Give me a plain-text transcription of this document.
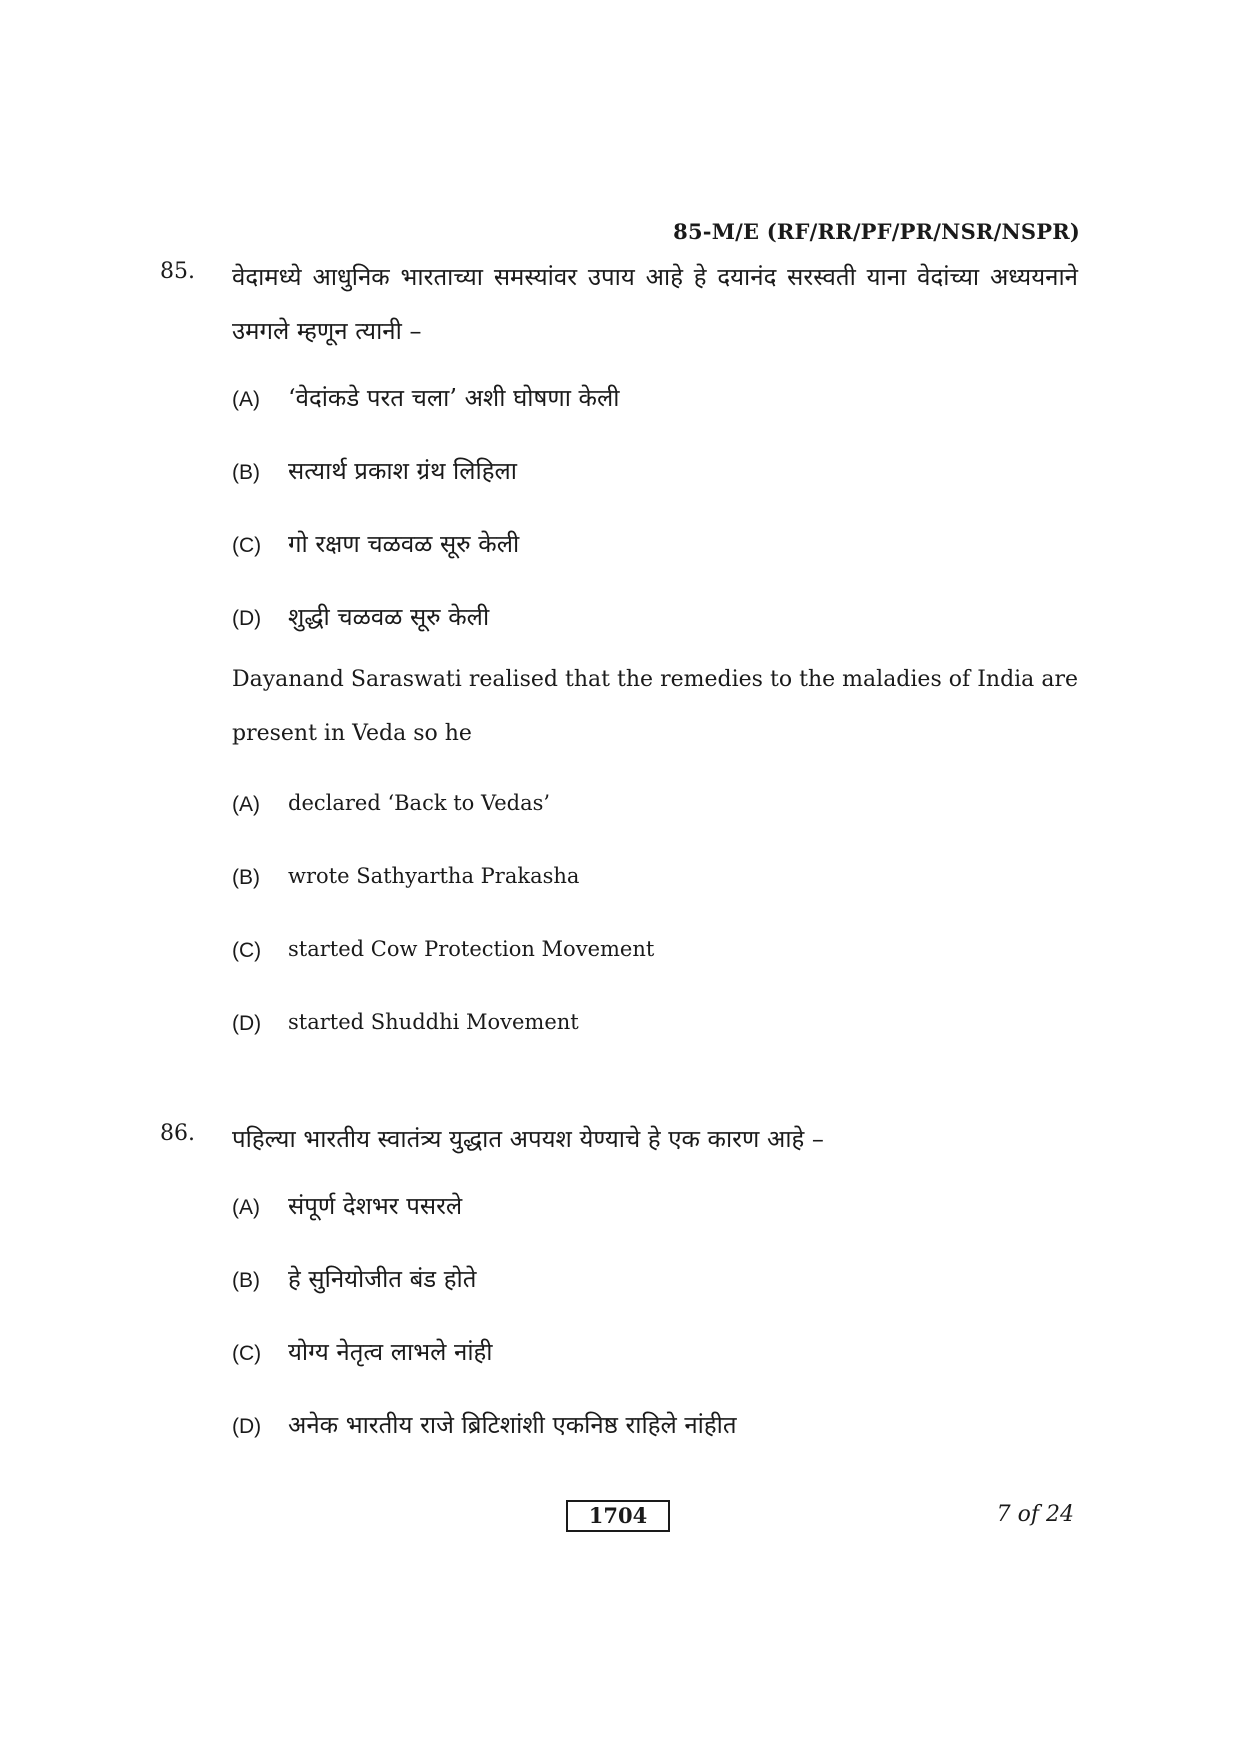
85-M/E (RF/RR/PF/PR/NSR/NSPR)
85. वेदामध्ये आधुनिक भारताच्या समस्यांवर उपाय आहे हे दयानंद सरस्वती याना वेदांच्या अध्ययनाने उमगले म्हणून त्यानी –
(A)	‘वेदांकडे परत चला’ अशी घोषणा केली
(B)	सत्यार्थ प्रकाश ग्रंथ लिहिला
(C)	गो रक्षण चळवळ सूरु केली
(D)	शुद्धी चळवळ सूरु केली
Dayanand Saraswati realised that the remedies to the maladies of India are present in Veda so he
(A)	declared ‘Back to Vedas’
(B)	wrote Sathyartha Prakasha
(C)	started Cow Protection Movement
(D)	started Shuddhi Movement
86. पहिल्या भारतीय स्वातंत्र्य युद्धात अपयश येण्याचे हे एक कारण आहे –
(A)	संपूर्ण देशभर पसरले
(B)	हे सुनियोजीत बंड होते
(C)	योग्य नेतृत्व लाभले नांही
(D)	अनेक भारतीय राजे ब्रिटिशांशी एकनिष्ठ राहिले नांहीत
1704	7 of 24
